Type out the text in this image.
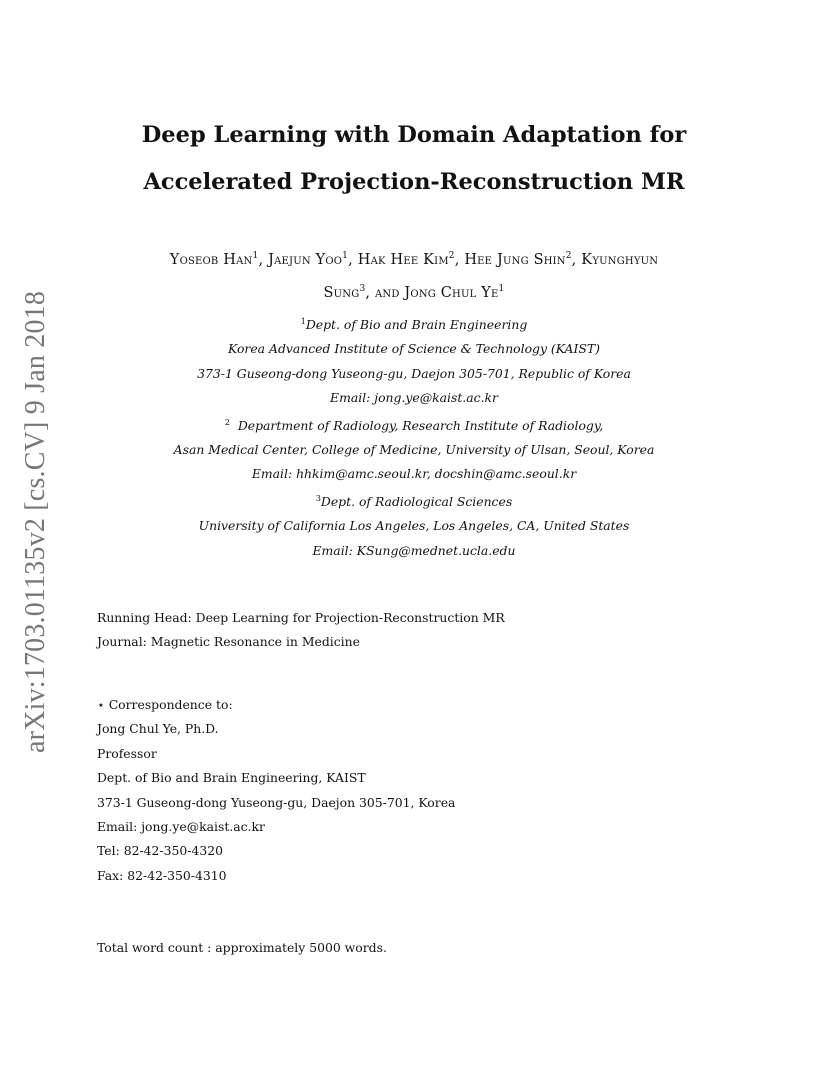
arXiv:1703.01135v2 [cs.CV] 9 Jan 2018
Deep Learning with Domain Adaptation for
Accelerated Projection-Reconstruction MR
Yoseob Han$^1$, Jaejun Yoo$^1$, Hak Hee Kim$^2$, Hee Jung Shin$^2$, Kyunghyun
Sung$^3$, and Jong Chul Ye$^1$
$^1$Dept. of Bio and Brain Engineering
Korea Advanced Institute of Science & Technology (KAIST)
373-1 Guseong-dong Yuseong-gu, Daejon 305-701, Republic of Korea
Email: jong.ye@kaist.ac.kr
$^2$ Department of Radiology, Research Institute of Radiology,
Asan Medical Center, College of Medicine, University of Ulsan, Seoul, Korea
Email: hhkim@amc.seoul.kr, docshin@amc.seoul.kr
$^3$Dept. of Radiological Sciences
University of California Los Angeles, Los Angeles, CA, United States
Email: KSung@mednet.ucla.edu
Running Head: Deep Learning for Projection-Reconstruction MR
Journal: Magnetic Resonance in Medicine
⋆ Correspondence to:
Jong Chul Ye, Ph.D.
Professor
Dept. of Bio and Brain Engineering, KAIST
373-1 Guseong-dong Yuseong-gu, Daejon 305-701, Korea
Email: jong.ye@kaist.ac.kr
Tel: 82-42-350-4320
Fax: 82-42-350-4310
Total word count : approximately 5000 words.
